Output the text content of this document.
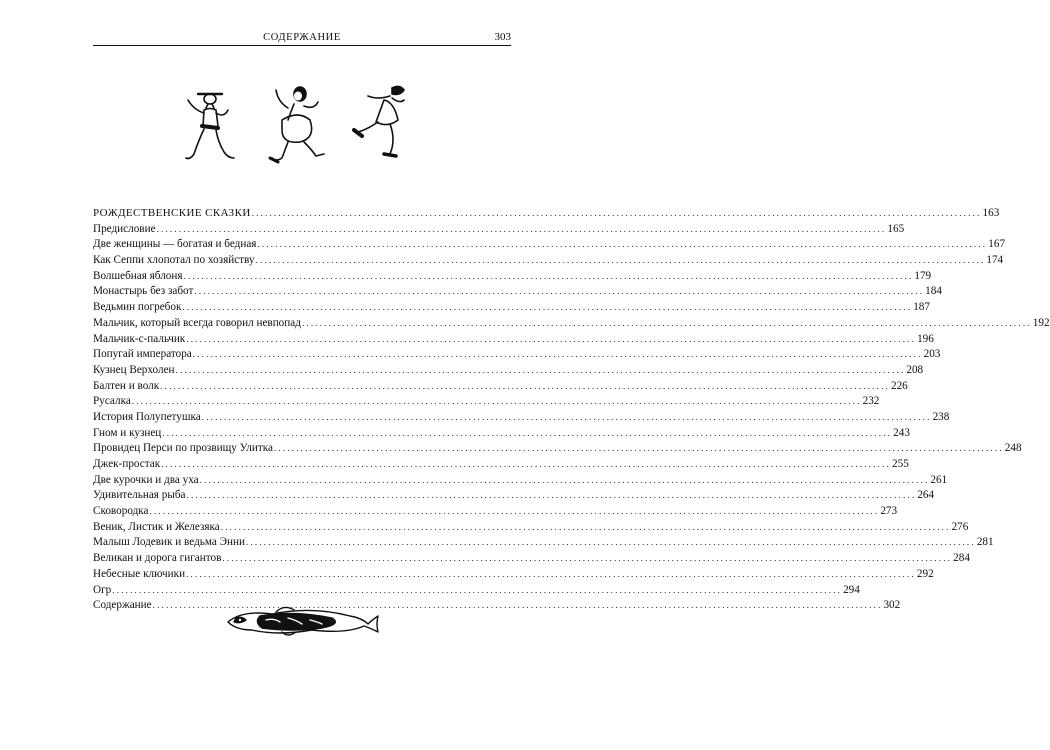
СОДЕРЖАНИЕ	303
РОЖДЕСТВЕНСКИЕ СКАЗКИ .................................................................................................................................................................... 163
Предисловие .................................................................................................................................................................... 165
Две женщины — богатая и бедная .................................................................................................................................................................... 167
Как Сеппи хлопотал по хозяйству .................................................................................................................................................................... 174
Волшебная яблоня .................................................................................................................................................................... 179
Монастырь без забот .................................................................................................................................................................... 184
Ведьмин погребок .................................................................................................................................................................... 187
Мальчик, который всегда говорил невпопад .................................................................................................................................................................... 192
Мальчик-с-пальчик .................................................................................................................................................................... 196
Попугай императора .................................................................................................................................................................... 203
Кузнец Верхолен .................................................................................................................................................................... 208
Балтен и волк .................................................................................................................................................................... 226
Русалка .................................................................................................................................................................... 232
История Полупетушка .................................................................................................................................................................... 238
Гном и кузнец .................................................................................................................................................................... 243
Провидец Перси по прозвищу Улитка .................................................................................................................................................................... 248
Джек-простак .................................................................................................................................................................... 255
Две курочки и два уха .................................................................................................................................................................... 261
Удивительная рыба .................................................................................................................................................................... 264
Сковородка .................................................................................................................................................................... 273
Веник, Листик и Железяка .................................................................................................................................................................... 276
Малыш Лодевик и ведьма Энни .................................................................................................................................................................... 281
Великан и дорога гигантов .................................................................................................................................................................... 284
Небесные ключики .................................................................................................................................................................... 292
Огр .................................................................................................................................................................... 294
Содержание .................................................................................................................................................................... 302
